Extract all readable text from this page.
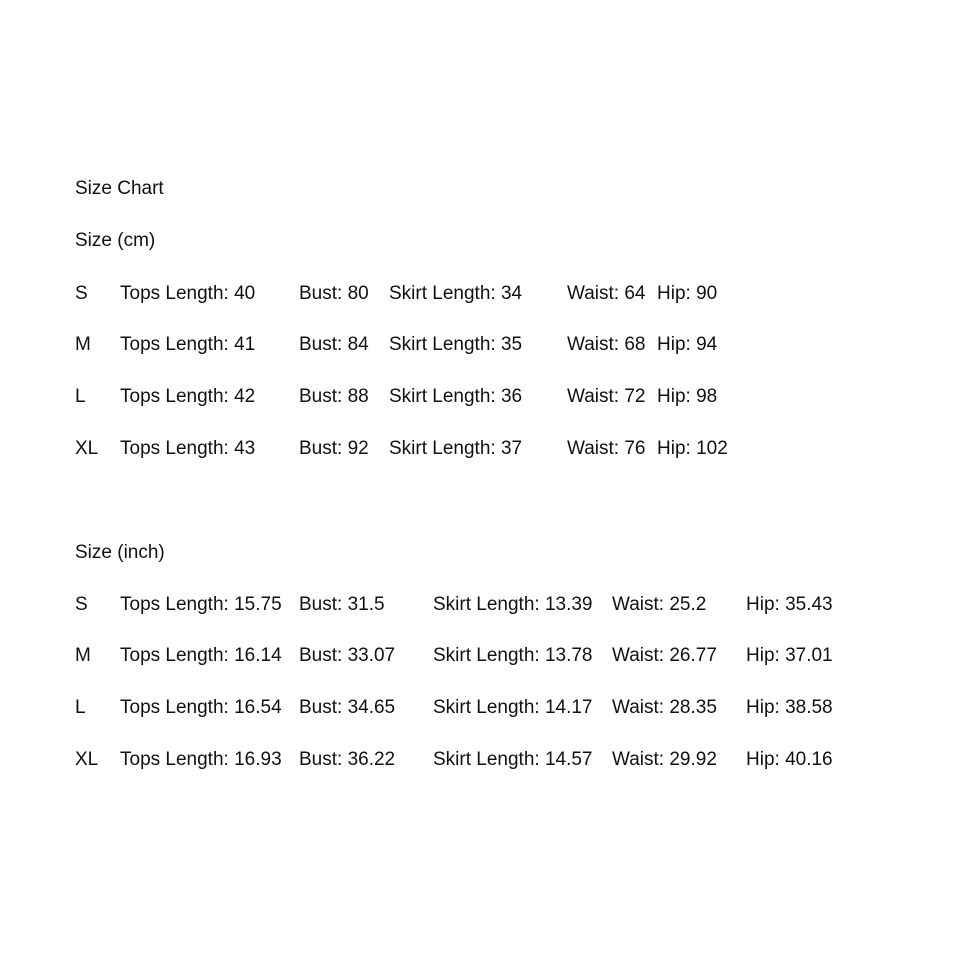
Size Chart
Size (cm)
S Tops Length: 40 Bust: 80 Skirt Length: 34 Waist: 64 Hip: 90
M Tops Length: 41 Bust: 84 Skirt Length: 35 Waist: 68 Hip: 94
L Tops Length: 42 Bust: 88 Skirt Length: 36 Waist: 72 Hip: 98
XL Tops Length: 43 Bust: 92 Skirt Length: 37 Waist: 76 Hip: 102
Size (inch)
S Tops Length: 15.75 Bust: 31.5	Skirt Length: 13.39 Waist: 25.2 Hip: 35.43
M Tops Length: 16.14 Bust: 33.07 Skirt Length: 13.78 Waist: 26.77 Hip: 37.01
L Tops Length: 16.54 Bust: 34.65 Skirt Length: 14.17 Waist: 28.35 Hip: 38.58
XL Tops Length: 16.93 Bust: 36.22 Skirt Length: 14.57 Waist: 29.92 Hip: 40.16
